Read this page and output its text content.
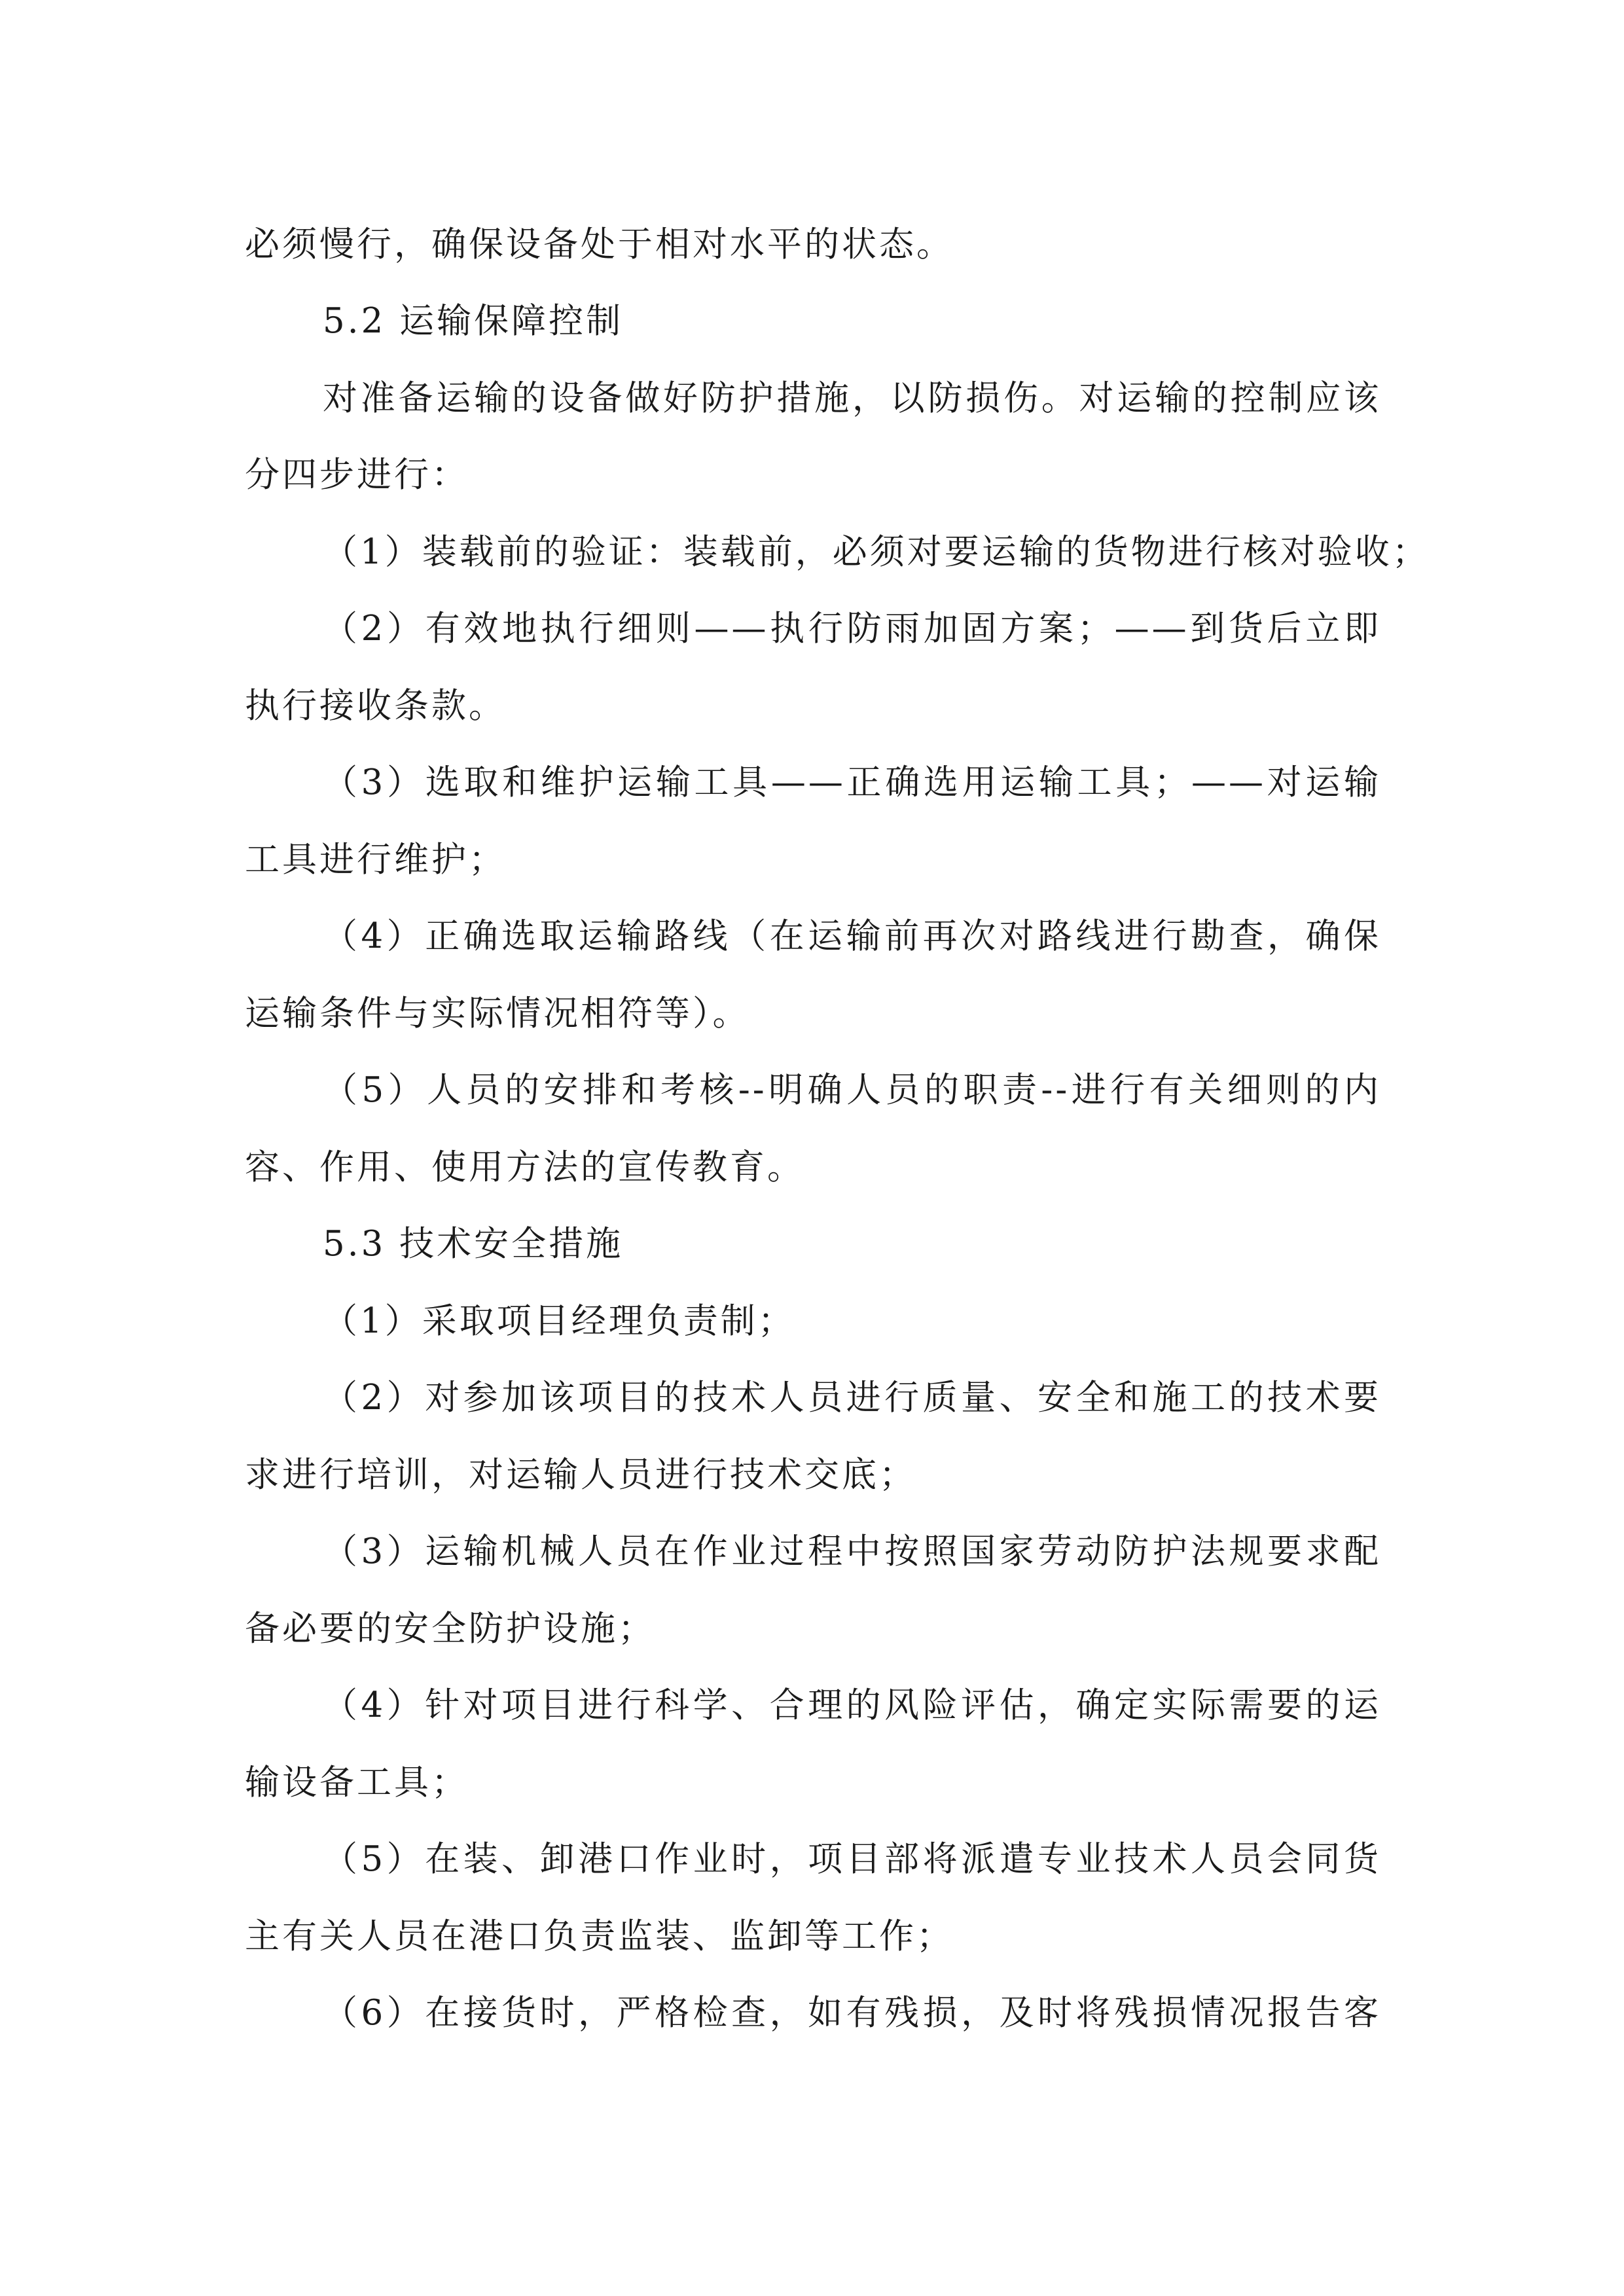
必须慢行，确保设备处于相对水平的状态。

5.2 运输保障控制

对准备运输的设备做好防护措施，以防损伤。对运输的控制应该

分四步进行：

（1）装载前的验证：装载前，必须对要运输的货物进行核对验收；

（2）有效地执行细则——执行防雨加固方案；——到货后立即

执行接收条款。

（3）选取和维护运输工具——正确选用运输工具；——对运输

工具进行维护；

（4）正确选取运输路线（在运输前再次对路线进行勘查，确保

运输条件与实际情况相符等）。

（5）人员的安排和考核--明确人员的职责--进行有关细则的内

容、作用、使用方法的宣传教育。

5.3 技术安全措施

（1）采取项目经理负责制；

（2）对参加该项目的技术人员进行质量、安全和施工的技术要

求进行培训，对运输人员进行技术交底；

（3）运输机械人员在作业过程中按照国家劳动防护法规要求配

备必要的安全防护设施；

（4）针对项目进行科学、合理的风险评估，确定实际需要的运

输设备工具；

（5）在装、卸港口作业时，项目部将派遣专业技术人员会同货

主有关人员在港口负责监装、监卸等工作；

（6）在接货时，严格检查，如有残损，及时将残损情况报告客
